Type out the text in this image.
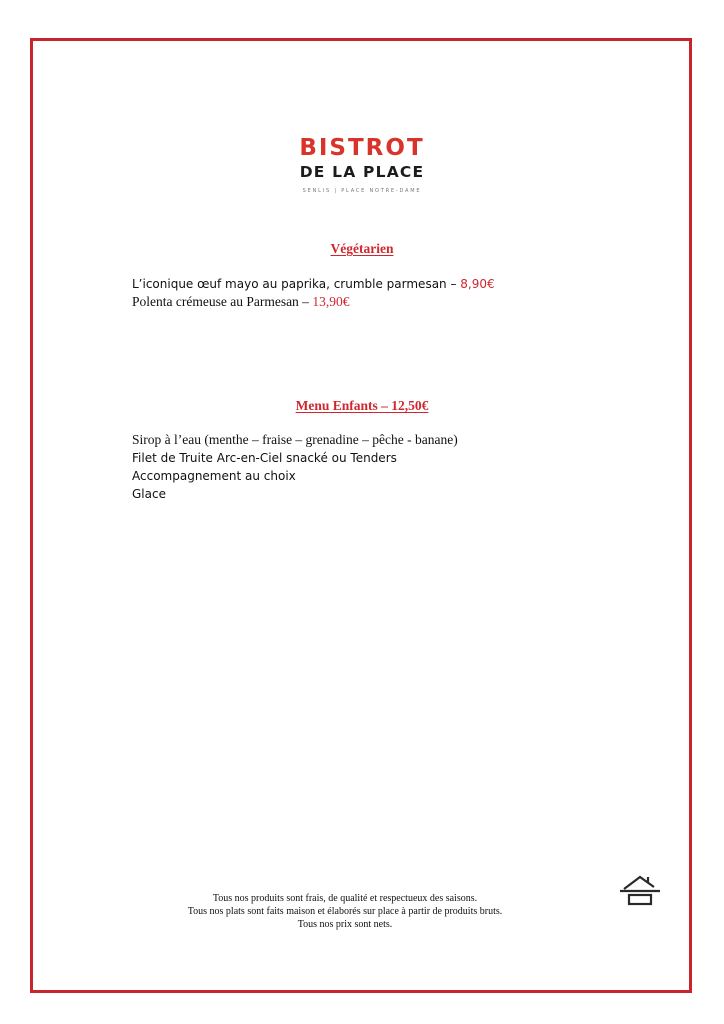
BISTROT
DE LA PLACE
SENLIS | PLACE NOTRE-DAME
Végétarien
L’iconique œuf mayo au paprika, crumble parmesan – 8,90€
Polenta crémeuse au Parmesan – 13,90€
Menu Enfants – 12,50€
Sirop à l’eau (menthe – fraise – grenadine – pêche - banane)
Filet de Truite Arc-en-Ciel snacké ou Tenders
Accompagnement au choix
Glace
Tous nos produits sont frais, de qualité et respectueux des saisons.
Tous nos plats sont faits maison et élaborés sur place à partir de produits bruts.
Tous nos prix sont nets.
